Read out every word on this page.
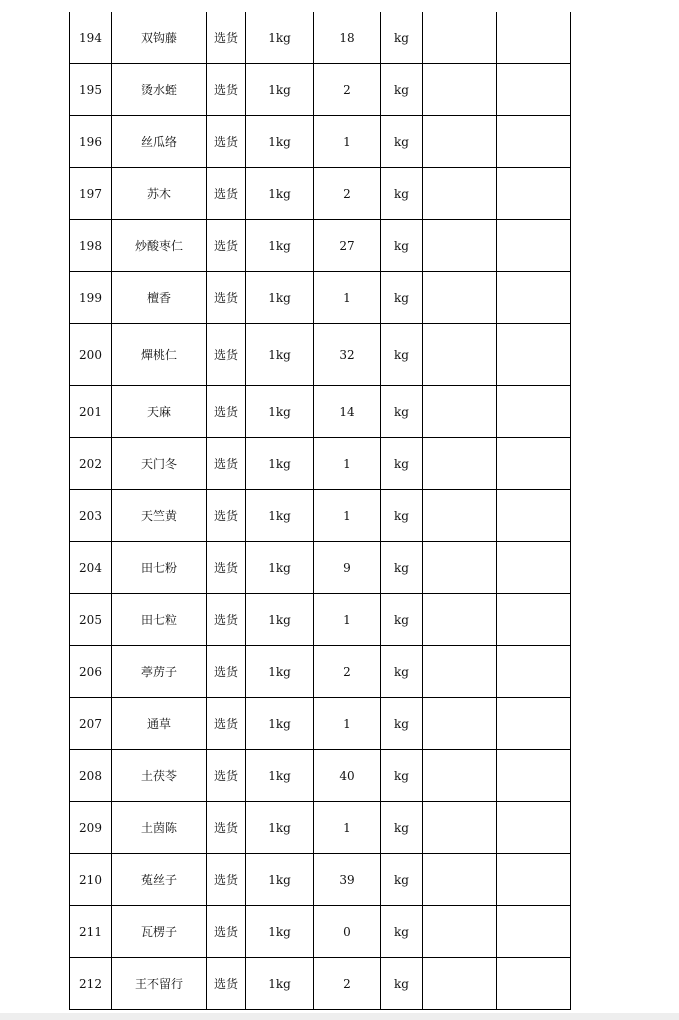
194	双钩藤	选货	1kg	18	kg		
195	烫水蛭	选货	1kg	2	kg		
196	丝瓜络	选货	1kg	1	kg		
197	苏木	选货	1kg	2	kg		
198	炒酸枣仁	选货	1kg	27	kg		
199	檀香	选货	1kg	1	kg		
200	燀桃仁	选货	1kg	32	kg		
201	天麻	选货	1kg	14	kg		
202	天门冬	选货	1kg	1	kg		
203	天竺黄	选货	1kg	1	kg		
204	田七粉	选货	1kg	9	kg		
205	田七粒	选货	1kg	1	kg		
206	葶苈子	选货	1kg	2	kg		
207	通草	选货	1kg	1	kg		
208	土茯苓	选货	1kg	40	kg		
209	土茵陈	选货	1kg	1	kg		
210	菟丝子	选货	1kg	39	kg		
211	瓦楞子	选货	1kg	0	kg		
212	王不留行	选货	1kg	2	kg		
